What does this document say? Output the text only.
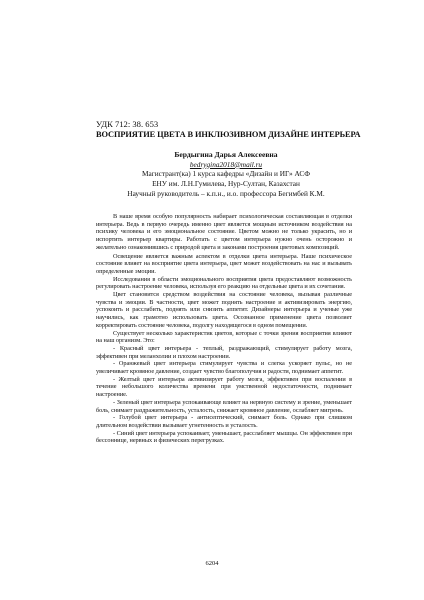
УДК 712: 38. 653
ВОСПРИЯТИЕ ЦВЕТА В ИНКЛЮЗИВНОМ ДИЗАЙНЕ ИНТЕРЬЕРА
Бердыгина Дарья Алексеевна
bedrygina2018@mail.ru
Магистрант(ка) 1 курса кафедры «Дизайн и ИГ» АСФ
ЕНУ им. Л.Н.Гумилева, Нур-Султан, Казахстан
Научный руководитель – к.п.н., и.о. профессора Бегимбей К.М.

В наше время особую популярность набирает психологическая составляющая в отделки интерьера. Ведь в первую очередь именно цвет является мощным источником воздействия на психику человека и его эмоциональное состояние. Цветом можно не только украсить, но и испортить интерьер квартиры. Работать с цветом интерьера нужно очень осторожно и желательно ознакомившись с природой цвета и законами построения цветовых композиций.

Освещение является важным аспектом в отделки цвета интерьера. Наше психическое состояние влияет на восприятие цвета интерьера, цвет может воздействовать на нас и вызывать определенные эмоции.

Исследования в области эмоционального восприятия цвета предоставляют возможность регулировать настроение человека, используя его реакцию на отдельные цвета и их сочетания.

Цвет становится средством воздействия на состояние человека, вызывая различные чувства и эмоции. В частности, цвет может поднять настроение и активизировать энергию, успокоить и расслабить, поднять или снизить аппетит. Дизайнеры интерьера и ученые уже научились, как грамотно использовать цвета. Осознанное применение цвета позволяет корректировать состояние человека, подолгу находящегося в одном помещении.

Существует несколько характеристик цветов, которые с точки зрения восприятия влияют на наш организм. Это:

- Красный цвет интерьера - теплый, раздражающий, стимулирует работу мозга, эффективен при меланхолии и плохом настроении.

- Оранжевый цвет интерьера стимулирует чувства и слегка ускоряет пульс, но не увеличивает кровяное давление, создает чувство благополучия и радости, поднимает аппетит.

- Желтый цвет интерьера активизирует работу мозга, эффективен при воспалении в течение небольшого количества времени при умственной недостаточности, поднимает настроение.

- Зеленый цвет интерьера успокаивающе влияет на нервную систему и зрение, уменьшает боль, снимает раздражительность, усталость, снижает кровяное давление, ослабляет мигрень.

- Голубой цвет интерьера - антисептический, снимает боль. Однако при слишком длительном воздействии вызывает угнетенность и усталость.

- Синий цвет интерьера успокаивает, уменьшает, расслабляет мышцы. Он эффективен при бессоннице, нервных и физических перегрузках.

6204
